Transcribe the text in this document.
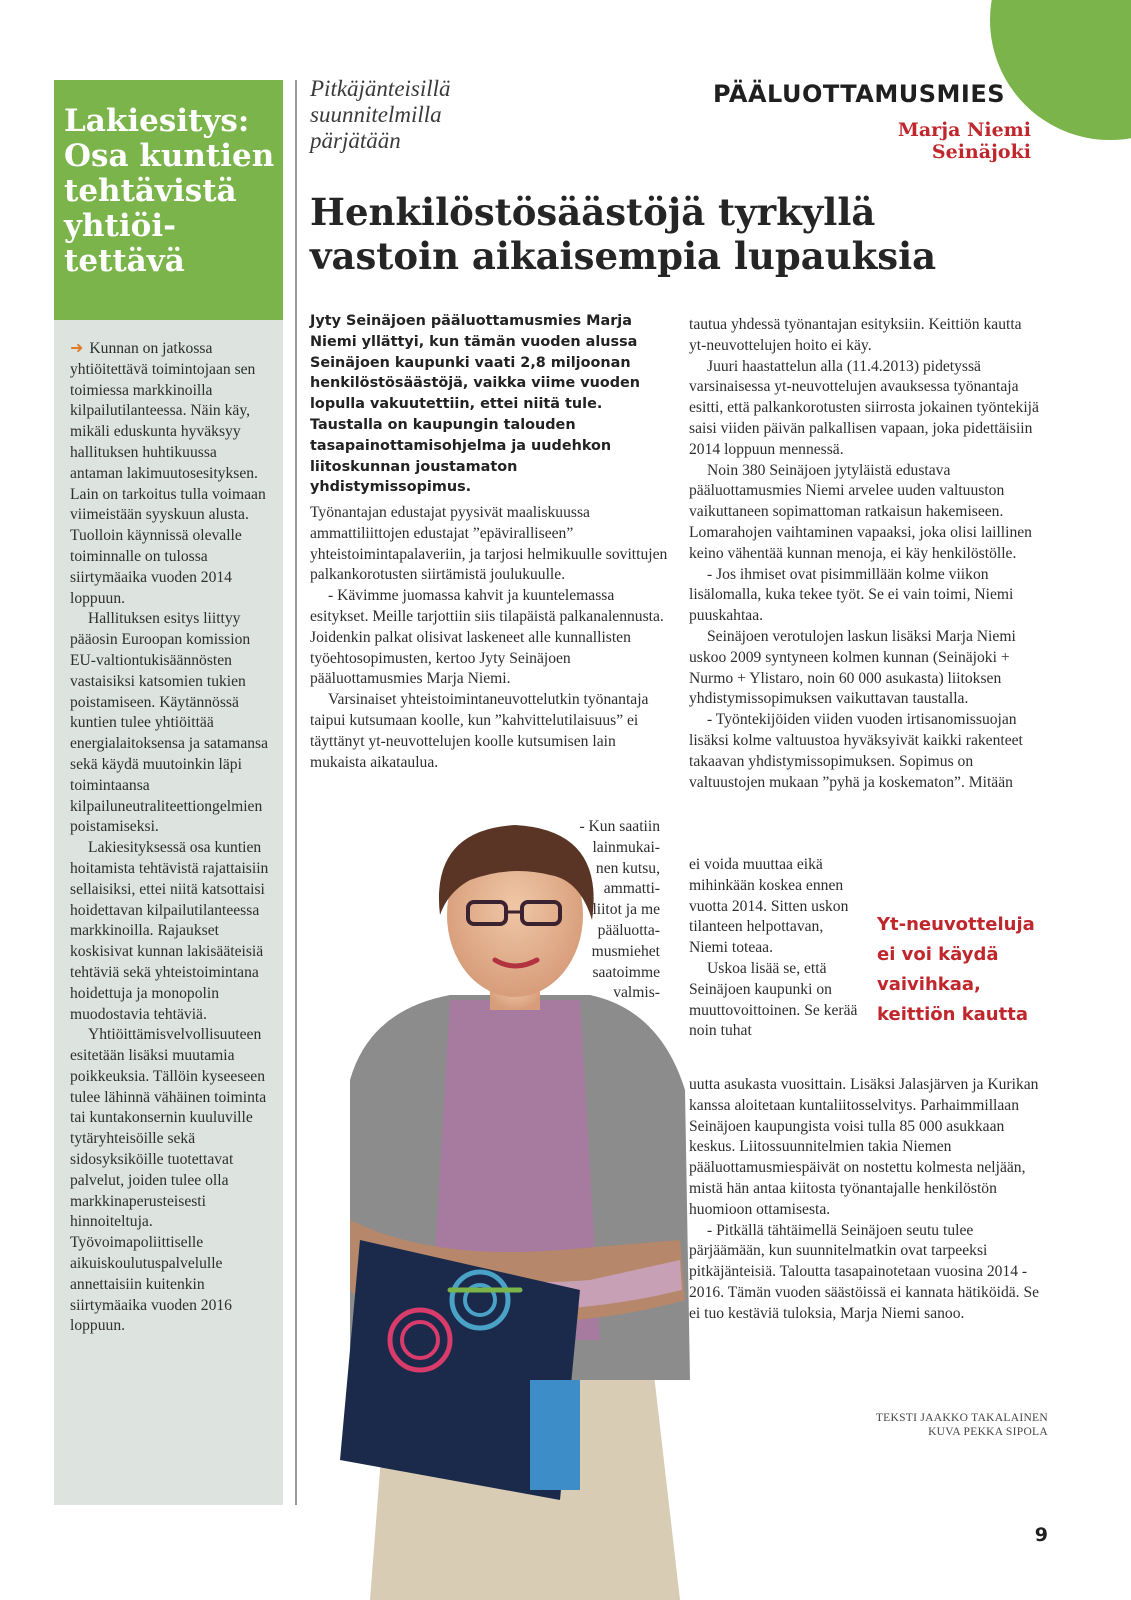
Lakiesitys:
Osa kuntien
tehtävistä
yhtiöi-
tettävä

➜ Kunnan on jatkossa yhtiöitettävä toimintojaan sen toimiessa markkinoilla kilpailutilanteessa. Näin käy, mikäli eduskunta hyväksyy hallituksen huhtikuussa antaman lakimuutosesityksen. Lain on tarkoitus tulla voimaan viimeistään syyskuun alusta. Tuolloin käynnissä olevalle toiminnalle on tulossa siirtymäaika vuoden 2014 loppuun.

Hallituksen esitys liittyy pääosin Euroopan komission EU-valtiontukisäännösten vastaisiksi katsomien tukien poistamiseen. Käytännössä kuntien tulee yhtiöittää energialaitoksensa ja satamansa sekä käydä muutoinkin läpi toimintaansa kilpailuneutraliteettiongelmien poistamiseksi.

Lakiesityksessä osa kuntien hoitamista tehtävistä rajattaisiin sellaisiksi, ettei niitä katsottaisi hoidettavan kilpailutilanteessa markkinoilla. Rajaukset koskisivat kunnan lakisääteisiä tehtäviä sekä yhteistoimintana hoidettuja ja monopolin muodostavia tehtäviä.

Yhtiöittämisvelvollisuuteen esitetään lisäksi muutamia poikkeuksia. Tällöin kyseeseen tulee lähinnä vähäinen toiminta tai kuntakonsernin kuuluville tytäryhteisöille sekä sidosyksiköille tuotettavat palvelut, joiden tulee olla markkinaperusteisesti hinnoiteltuja. Työvoimapoliittiselle aikuiskoulutuspalvelulle annettaisiin kuitenkin siirtymäaika vuoden 2016 loppuun.

Pitkäjänteisillä
suunnitelmilla
pärjätään
PÄÄLUOTTAMUSMIES
Marja Niemi
Seinäjoki
Henkilöstösäästöjä tyrkyllä
vastoin aikaisempia lupauksia
Jyty Seinäjoen pääluottamusmies Marja Niemi yllättyi, kun tämän vuoden alussa Seinäjoen kaupunki vaati 2,8 miljoonan henkilöstösäästöjä, vaikka viime vuoden lopulla vakuutettiin, ettei niitä tule. Taustalla on kaupungin talouden tasapainottamisohjelma ja uudehkon liitoskunnan joustamaton yhdistymissopimus.

Työnantajan edustajat pyysivät maaliskuussa ammattiliittojen edustajat ”epäviralliseen” yhteistoimintapalaveriin, ja tarjosi helmikuulle sovittujen palkankorotusten siirtämistä joulukuulle.

- Kävimme juomassa kahvit ja kuuntelemassa esitykset. Meille tarjottiin siis tilapäistä palkanalennusta. Joidenkin palkat olisivat laskeneet alle kunnallisten työehtosopimusten, kertoo Jyty Seinäjoen pääluottamusmies Marja Niemi.

Varsinaiset yhteistoimintaneuvottelutkin työnantaja taipui kutsumaan koolle, kun ”kahvittelutilaisuus” ei täyttänyt yt-neuvottelujen koolle kutsumisen lain mukaista aikataulua.

- Kun saatiin
lainmukai-
nen kutsu,
ammatti-
liitot ja me
pääluotta-
musmiehet
saatoimme
valmis-

tautua yhdessä työnantajan esityksiin. Keittiön kautta yt-neuvottelujen hoito ei käy.

Juuri haastattelun alla (11.4.2013) pidetyssä varsinaisessa yt-neuvottelujen avauksessa työnantaja esitti, että palkankorotusten siirrosta jokainen työntekijä saisi viiden päivän palkallisen vapaan, joka pidettäisiin 2014 loppuun mennessä.

Noin 380 Seinäjoen jytyläistä edustava pääluottamusmies Niemi arvelee uuden valtuuston vaikuttaneen sopimattoman ratkaisun hakemiseen. Lomarahojen vaihtaminen vapaaksi, joka olisi laillinen keino vähentää kunnan menoja, ei käy henkilöstölle.

- Jos ihmiset ovat pisimmillään kolme viikon lisälomalla, kuka tekee työt. Se ei vain toimi, Niemi puuskahtaa.

Seinäjoen verotulojen laskun lisäksi Marja Niemi uskoo 2009 syntyneen kolmen kunnan (Seinäjoki + Nurmo + Ylistaro, noin 60 000 asukasta) liitoksen yhdistymissopimuksen vaikuttavan taustalla.

- Työntekijöiden viiden vuoden irtisanomissuojan lisäksi kolme valtuustoa hyväksyivät kaikki rakenteet takaavan yhdistymissopimuksen. Sopimus on valtuustojen mukaan ”pyhä ja koskematon”. Mitään

ei voida muuttaa eikä mihinkään koskea ennen vuotta 2014. Sitten uskon tilanteen helpottavan, Niemi toteaa.

Uskoa lisää se, että Seinäjoen kaupunki on muuttovoittoinen. Se kerää noin tuhat

Yt-neuvotteluja ei voi käydä vaivihkaa, keittiön kautta

uutta asukasta vuosittain. Lisäksi Jalasjärven ja Kurikan kanssa aloitetaan kuntaliitosselvitys. Parhaimmillaan Seinäjoen kaupungista voisi tulla 85 000 asukkaan keskus. Liitossuunnitelmien takia Niemen pääluottamusmiespäivät on nostettu kolmesta neljään, mistä hän antaa kiitosta työnantajalle henkilöstön huomioon ottamisesta.

- Pitkällä tähtäimellä Seinäjoen seutu tulee pärjäämään, kun suunnitelmatkin ovat tarpeeksi pitkäjänteisiä. Taloutta tasapainotetaan vuosina 2014 - 2016. Tämän vuoden säästöissä ei kannata hätiköidä. Se ei tuo kestäviä tuloksia, Marja Niemi sanoo.

TEKSTI JAAKKO TAKALAINEN
KUVA PEKKA SIPOLA
9
